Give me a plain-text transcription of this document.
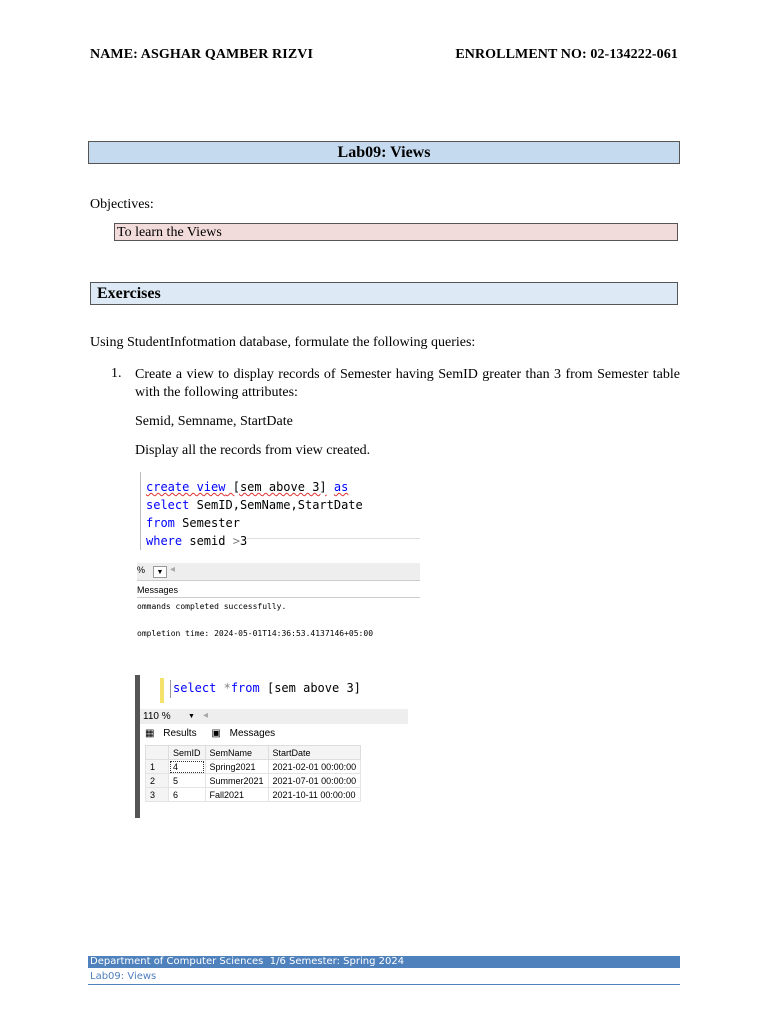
NAME: ASGHAR QAMBER RIZVI	ENROLLMENT NO: 02-134222-061
Lab09: Views
Objectives:
To learn the Views
Exercises
Using StudentInfotmation database, formulate the following queries:
1. Create a view to display records of Semester having SemID greater than 3 from Semester table with the following attributes:
Semid, Semname, StartDate
Display all the records from view created.
create view [sem above 3] as
select SemID,SemName,StartDate
from Semester
where semid >3
%	▼ ◂
Messages
ommands completed successfully.
ompletion time: 2024-05-01T14:36:53.4137146+05:00
select *from [sem above 3]
110 % ▼ ◂
▦ Results ▣ Messages
	SemID	SemName	StartDate
1	4	Spring2021	2021-02-01 00:00:00
2	5	Summer2021	2021-07-01 00:00:00
3	6	Fall2021	2021-10-11 00:00:00
Department of Computer Sciences 1/6 Semester: Spring 2024
Lab09: Views
